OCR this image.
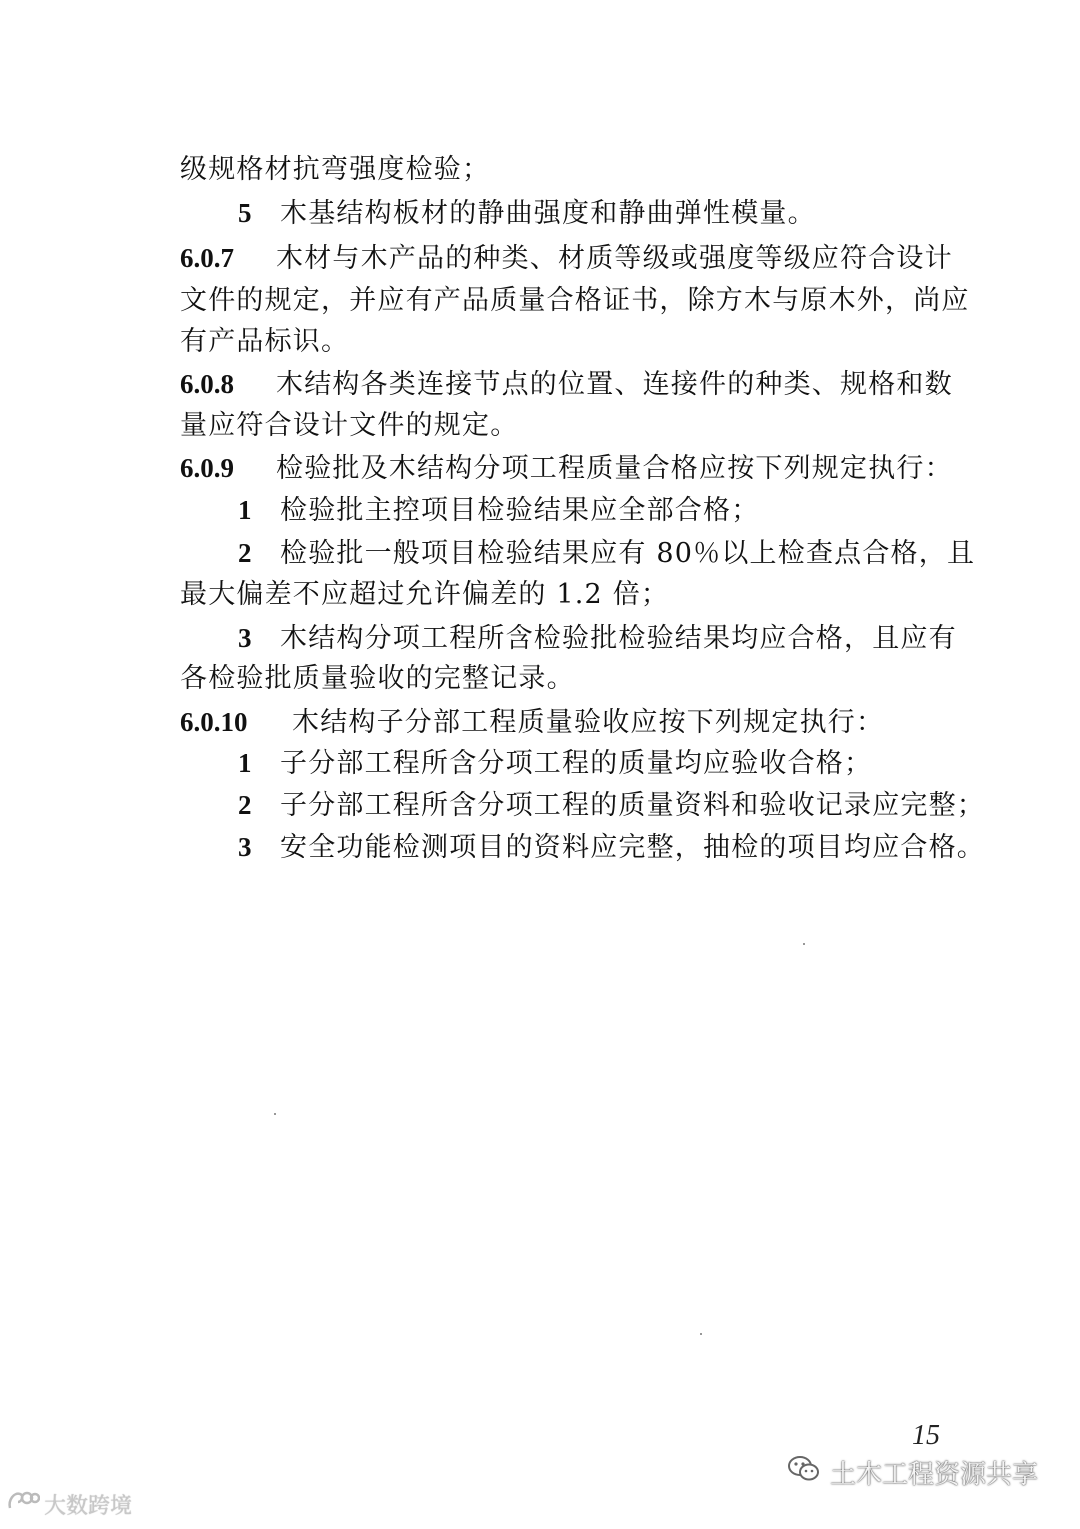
级规格材抗弯强度检验；
5 木基结构板材的静曲强度和静曲弹性模量。
6.0.7 木材与木产品的种类、材质等级或强度等级应符合设计
文件的规定，并应有产品质量合格证书，除方木与原木外，尚应
有产品标识。
6.0.8 木结构各类连接节点的位置、连接件的种类、规格和数
量应符合设计文件的规定。
6.0.9 检验批及木结构分项工程质量合格应按下列规定执行：
1 检验批主控项目检验结果应全部合格；
2 检验批一般项目检验结果应有 80％以上检查点合格，且
最大偏差不应超过允许偏差的 1.2 倍；
3 木结构分项工程所含检验批检验结果均应合格，且应有
各检验批质量验收的完整记录。
6.0.10 木结构子分部工程质量验收应按下列规定执行：
1 子分部工程所含分项工程的质量均应验收合格；
2 子分部工程所含分项工程的质量资料和验收记录应完整；
3 安全功能检测项目的资料应完整，抽检的项目均应合格。
15
大数跨境
土木工程资源共享
